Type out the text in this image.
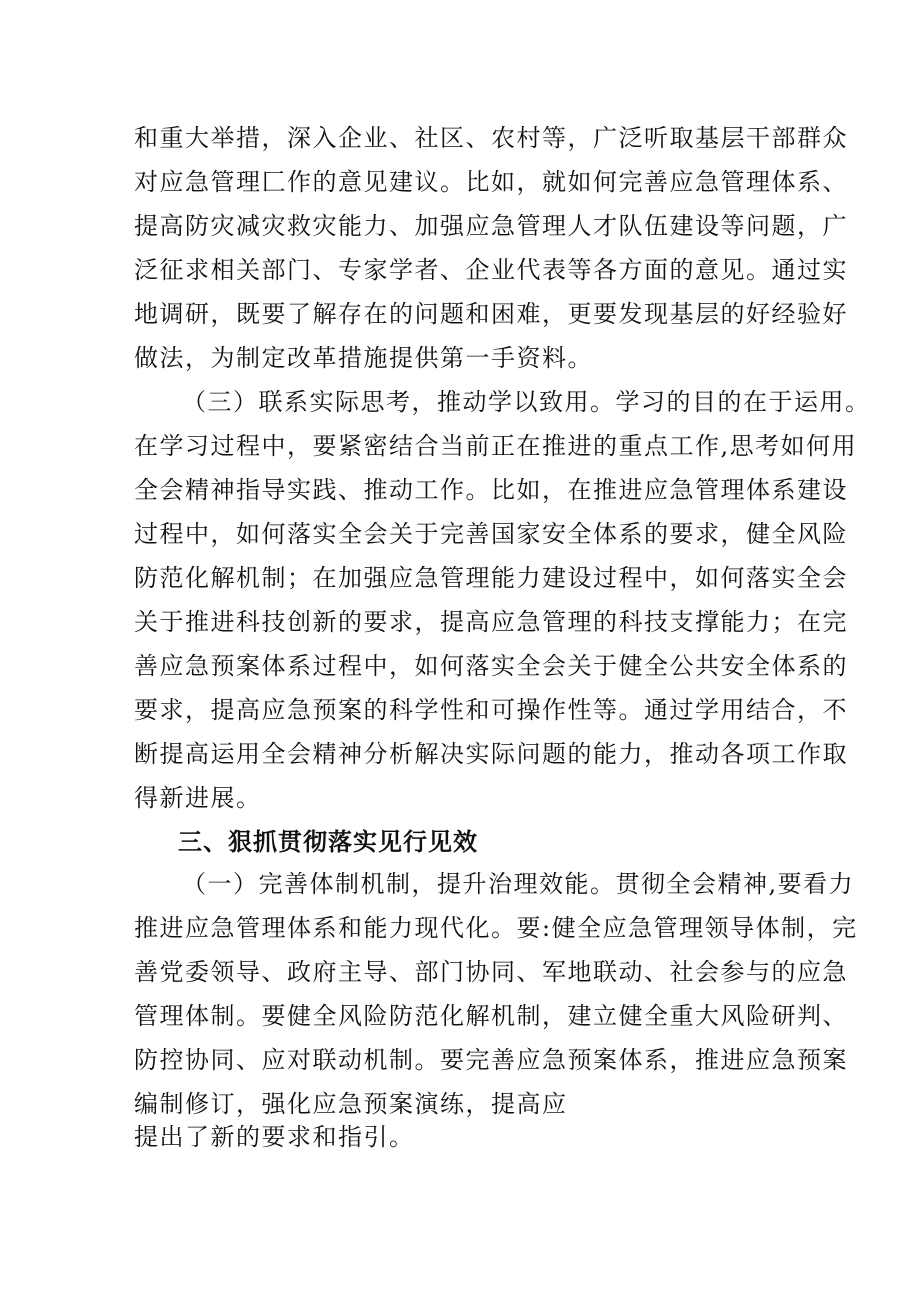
和重大举措，深入企业、社区、农村等，广泛听取基层干部群众
对应急管理匚作的意见建议。比如，就如何完善应急管理体系、
提高防灾减灾救灾能力、加强应急管理人才队伍建设等问题，广
泛征求相关部门、专家学者、企业代表等各方面的意见。通过实
地调研，既要了解存在的问题和困难，更要发现基层的好经验好
做法，为制定改革措施提供第一手资料。
（三）联系实际思考，推动学以致用。学习的目的在于运用。
在学习过程中，要紧密结合当前正在推进的重点工作,思考如何用
全会精神指导实践、推动工作。比如，在推进应急管理体系建设
过程中，如何落实全会关于完善国家安全体系的要求，健全风险
防范化解机制；在加强应急管理能力建设过程中，如何落实全会
关于推进科技创新的要求，提高应急管理的科技支撑能力；在完
善应急预案体系过程中，如何落实全会关于健全公共安全体系的
要求，提高应急预案的科学性和可操作性等。通过学用结合，不
断提高运用全会精神分析解决实际问题的能力，推动各项工作取
得新进展。
三、狠抓贯彻落实见行见效
（一）完善体制机制，提升治理效能。贯彻全会精神,要看力
推进应急管理体系和能力现代化。要:健全应急管理领导体制，完
善党委领导、政府主导、部门协同、军地联动、社会参与的应急
管理体制。要健全风险防范化解机制，建立健全重大风险研判、
防控协同、应对联动机制。要完善应急预案体系，推进应急预案
编制修订，强化应急预案演练，提高应
提出了新的要求和指引。
